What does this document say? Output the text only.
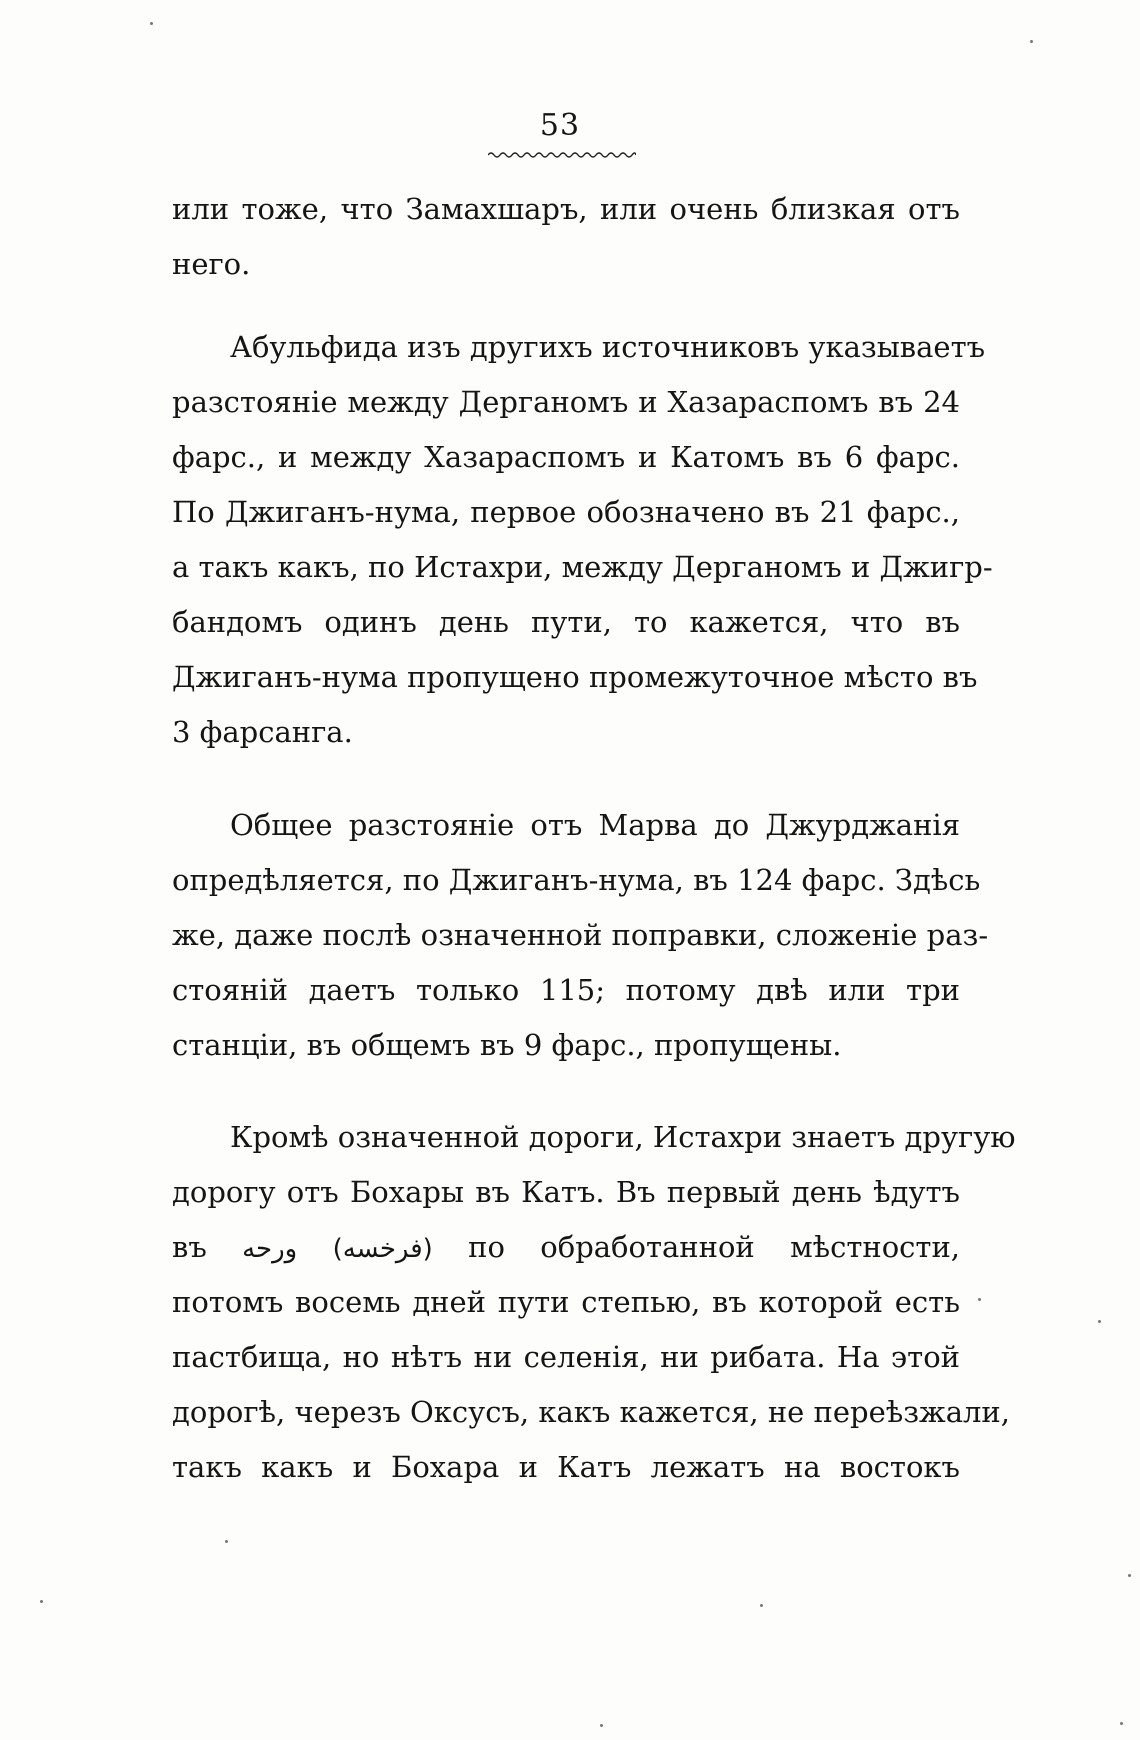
53
или тоже, что Замахшаръ, или очень близкая отъ
него.
Абульфида изъ другихъ источниковъ указываетъ
разстояніе между Дерганомъ и Хазараспомъ въ 24
фарс., и между Хазараспомъ и Катомъ въ 6 фарс.
По Джиганъ-нума, первое обозначено въ 21 фарс.,
а такъ какъ, по Истахри, между Дерганомъ и Джигр-
бандомъ одинъ день пути, то кажется, что въ
Джиганъ-нума пропущено промежуточное мѣсто въ
3 фарсанга.
Общее разстояніе отъ Марва до Джурджанія
опредѣляется, по Джиганъ-нума, въ 124 фарс. Здѣсь
же, даже послѣ означенной поправки, сложеніе раз-
стояній даетъ только 115; потому двѣ или три
станціи, въ общемъ въ 9 фарс., пропущены.
Кромѣ означенной дороги, Истахри знаетъ другую
дорогу отъ Бохары въ Катъ. Въ первый день ѣдутъ
въ ورحه (فرخسه) по обработанной мѣстности,
потомъ восемь дней пути степью, въ которой есть
пастбища, но нѣтъ ни селенія, ни рибата. На этой
дорогѣ, черезъ Оксусъ, какъ кажется, не переѣзжали,
такъ какъ и Бохара и Катъ лежатъ на востокъ
